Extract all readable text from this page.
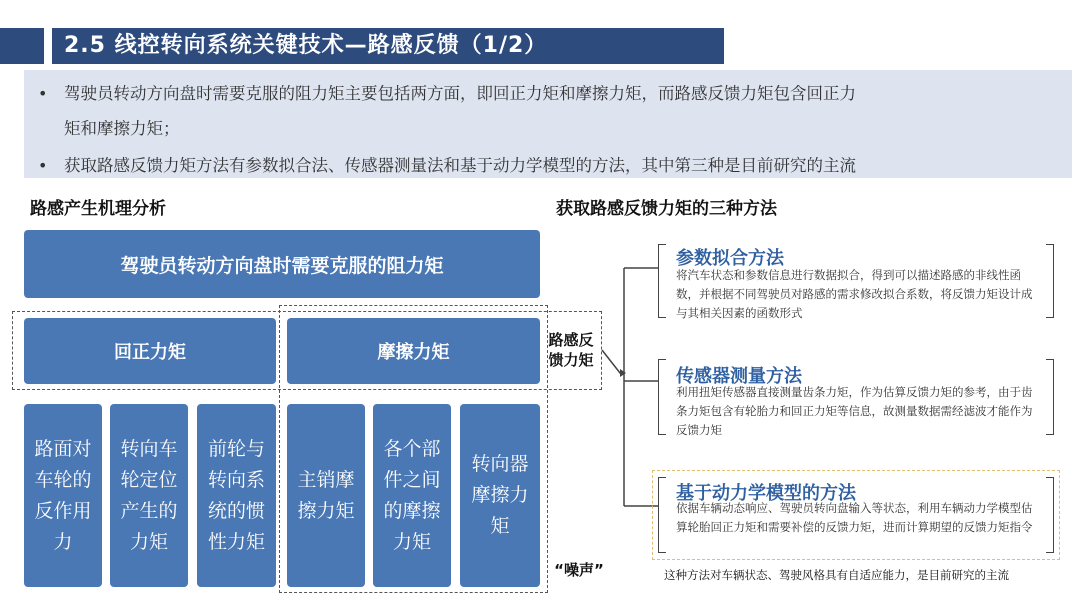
2.5 线控转向系统关键技术—路感反馈（1/2）
• 驾驶员转动方向盘时需要克服的阻力矩主要包括两方面，即回正力矩和摩擦力矩，而路感反馈力矩包含回正力
矩和摩擦力矩；
• 获取路感反馈力矩方法有参数拟合法、传感器测量法和基于动力学模型的方法，其中第三种是目前研究的主流
路感产生机理分析
驾驶员转动方向盘时需要克服的阻力矩
回正力矩	摩擦力矩
路面对车轮的反作用力
转向车轮定位产生的力矩
前轮与转向系统的惯性力矩
主销摩擦力矩
各个部件之间的摩擦力矩
转向器摩擦力矩
路感反馈力矩
“噪声”
获取路感反馈力矩的三种方法
参数拟合方法
将汽车状态和参数信息进行数据拟合，得到可以描述路感的非线性函数，并根据不同驾驶员对路感的需求修改拟合系数，将反馈力矩设计成与其相关因素的函数形式
传感器测量方法
利用扭矩传感器直接测量齿条力矩，作为估算反馈力矩的参考，由于齿条力矩包含有轮胎力和回正力矩等信息，故测量数据需经滤波才能作为反馈力矩
基于动力学模型的方法
依据车辆动态响应、驾驶员转向盘输入等状态，利用车辆动力学模型估算轮胎回正力矩和需要补偿的反馈力矩，进而计算期望的反馈力矩指令
这种方法对车辆状态、驾驶风格具有自适应能力，是目前研究的主流
